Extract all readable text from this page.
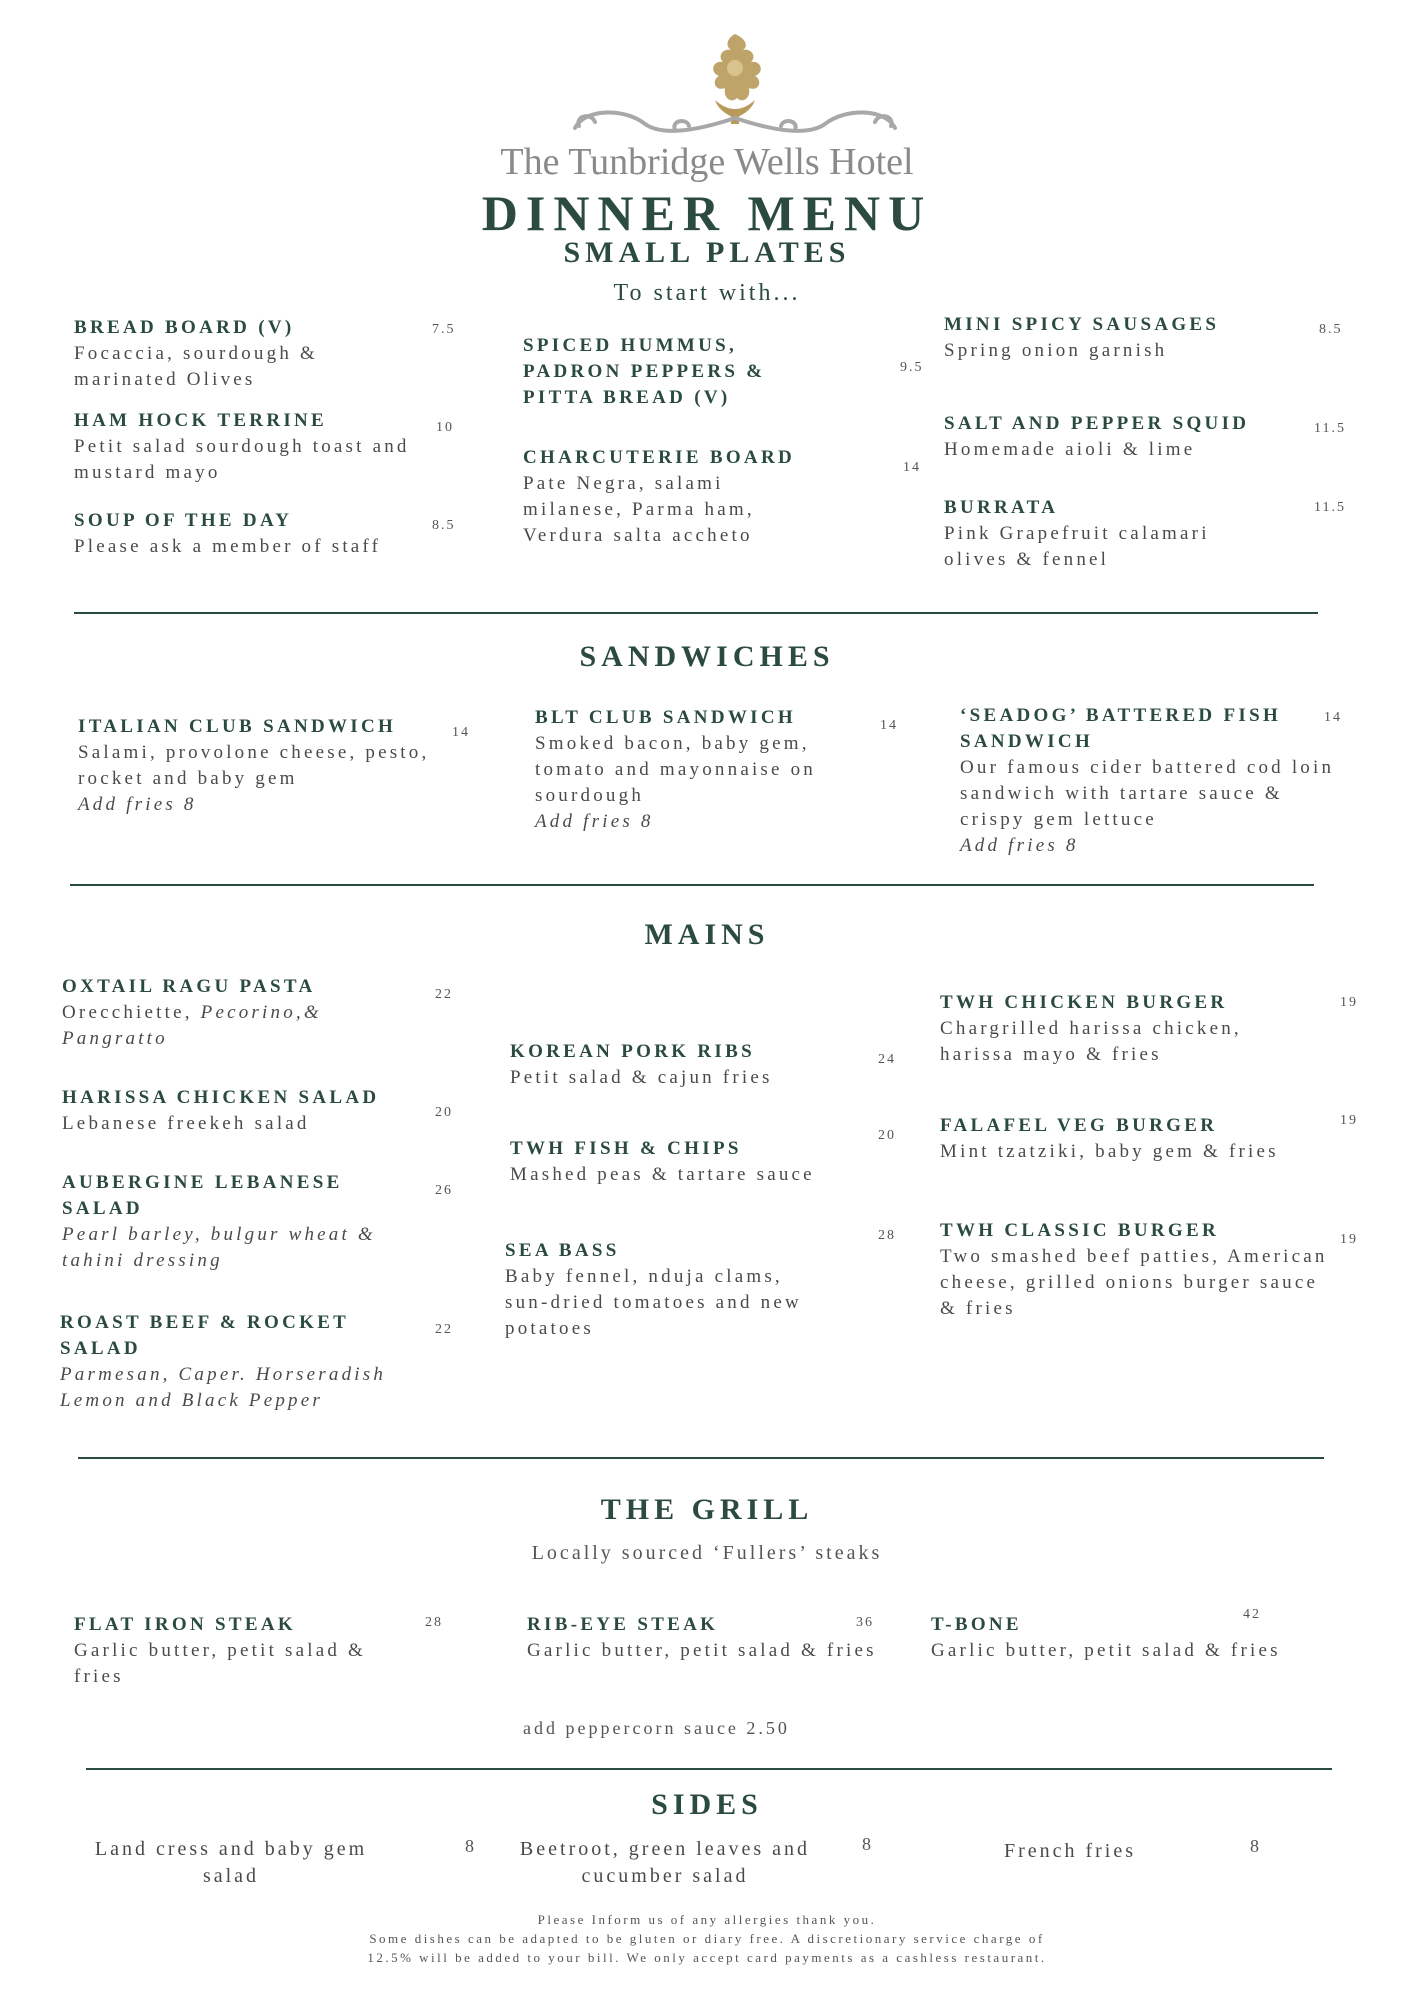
The Tunbridge Wells Hotel
DINNER MENU
SMALL PLATES
To start with...
BREAD BOARD (V)	7.5
Focaccia, sourdough & marinated Olives
HAM HOCK TERRINE	10
Petit salad sourdough toast and mustard mayo
SOUP OF THE DAY	8.5
Please ask a member of staff
SPICED HUMMUS, PADRON PEPPERS & PITTA BREAD (V)
9.5
CHARCUTERIE BOARD	14
Pate Negra, salami milanese, Parma ham, Verdura salta accheto
MINI SPICY SAUSAGES	8.5
Spring onion garnish
SALT AND PEPPER SQUID	11.5
Homemade aioli & lime
BURRATA	11.5
Pink Grapefruit calamari olives & fennel
SANDWICHES
ITALIAN CLUB SANDWICH	14
Salami, provolone cheese, pesto, rocket and baby gem
Add fries 8
BLT CLUB SANDWICH	14
Smoked bacon, baby gem, tomato and mayonnaise on sourdough
Add fries 8
‘SEADOG’ BATTERED FISH SANDWICH
14
Our famous cider battered cod loin sandwich with tartare sauce & crispy gem lettuce
Add fries 8
MAINS
OXTAIL RAGU PASTA	22
Orecchiette, Pecorino,& Pangratto
HARISSA CHICKEN SALAD
20
Lebanese freekeh salad
AUBERGINE LEBANESE SALAD
26
Pearl barley, bulgur wheat & tahini dressing
ROAST BEEF & ROCKET SALAD
22
Parmesan, Caper. Horseradish Lemon and Black Pepper
KOREAN PORK RIBS	24
Petit salad & cajun fries
TWH FISH & CHIPS
20
Mashed peas & tartare sauce
SEA BASS
28
Baby fennel, nduja clams, sun-dried tomatoes and new potatoes
TWH CHICKEN BURGER	19
Chargrilled harissa chicken, harissa mayo & fries
FALAFEL VEG BURGER	19
Mint tzatziki, baby gem & fries
TWH CLASSIC BURGER	19
Two smashed beef patties, American cheese, grilled onions burger sauce & fries
THE GRILL
Locally sourced ‘Fullers’ steaks
FLAT IRON STEAK	28
Garlic butter, petit salad & fries
RIB-EYE STEAK	36
Garlic butter, petit salad & fries
T-BONE	42
Garlic butter, petit salad & fries
add peppercorn sauce 2.50
SIDES
Land cress and baby gem salad
8	Beetroot, green leaves and cucumber salad
8	French fries	8
Please Inform us of any allergies thank you.
Some dishes can be adapted to be gluten or diary free. A discretionary service charge of
12.5% will be added to your bill. We only accept card payments as a cashless restaurant.
